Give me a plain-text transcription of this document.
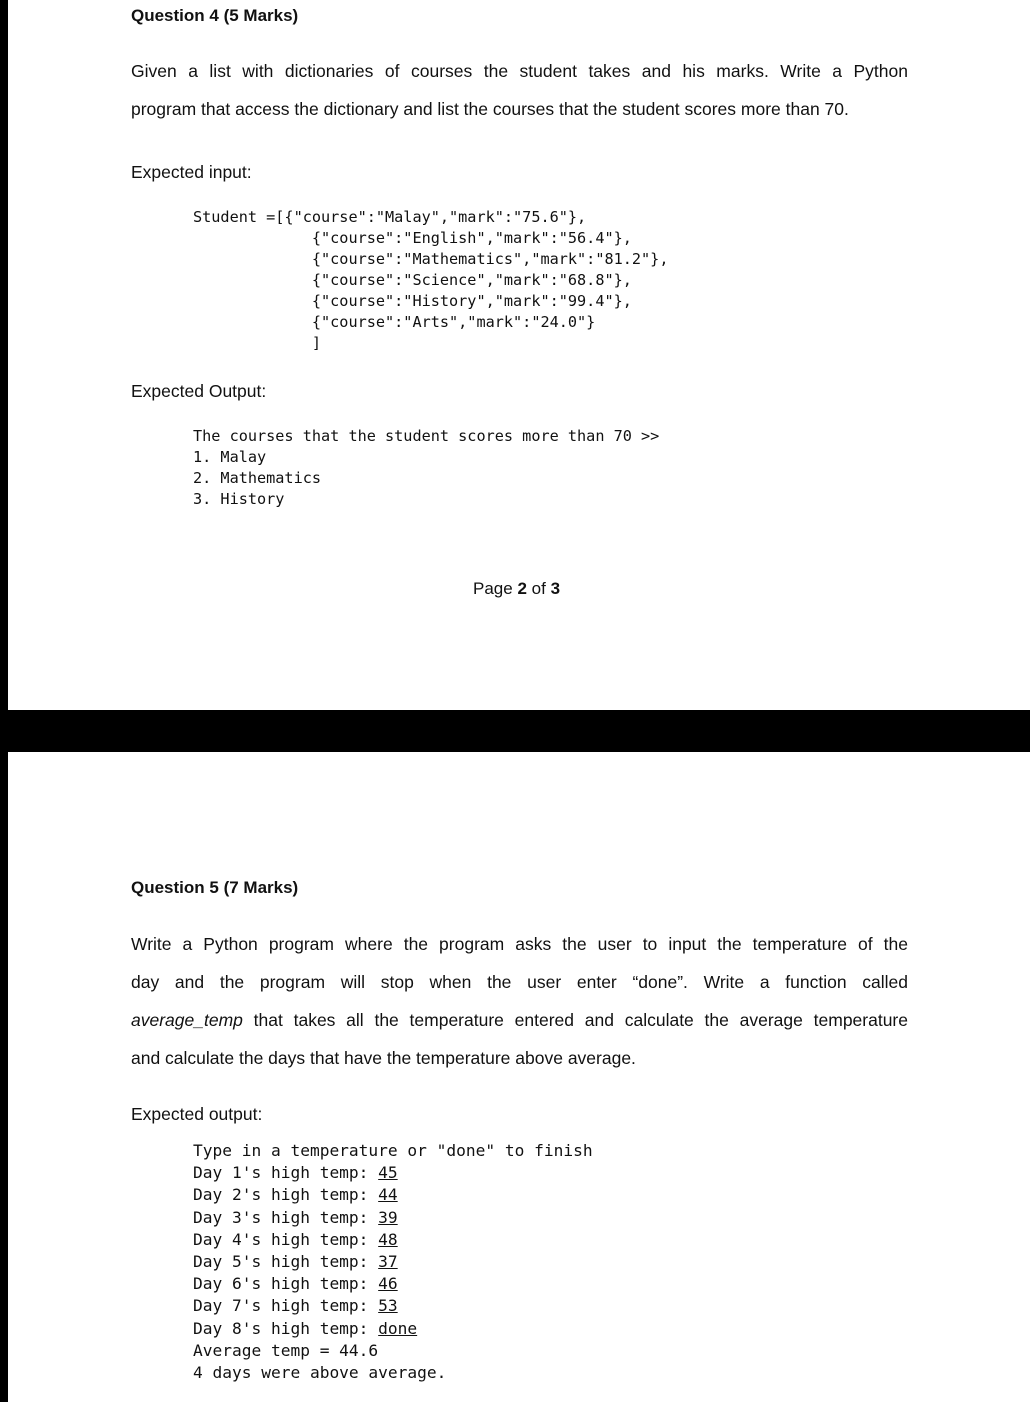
Question 4 (5 Marks)
Given a list with dictionaries of courses the student takes and his marks. Write a Python
program that access the dictionary and list the courses that the student scores more than 70.
Expected input:
Student =[{"course":"Malay","mark":"75.6"},
{"course":"English","mark":"56.4"},
{"course":"Mathematics","mark":"81.2"},
{"course":"Science","mark":"68.8"},
{"course":"History","mark":"99.4"},
{"course":"Arts","mark":"24.0"}
]
Expected Output:
The courses that the student scores more than 70 >>
1. Malay
2. Mathematics
3. History
Page 2 of 3
Question 5 (7 Marks)
Write a Python program where the program asks the user to input the temperature of the
day and the program will stop when the user enter “done”. Write a function called
average_temp that takes all the temperature entered and calculate the average temperature
and calculate the days that have the temperature above average.
Expected output:
Type in a temperature or "done" to finish
Day 1's high temp: 45
Day 2's high temp: 44
Day 3's high temp: 39
Day 4's high temp: 48
Day 5's high temp: 37
Day 6's high temp: 46
Day 7's high temp: 53
Day 8's high temp: done
Average temp = 44.6
4 days were above average.
